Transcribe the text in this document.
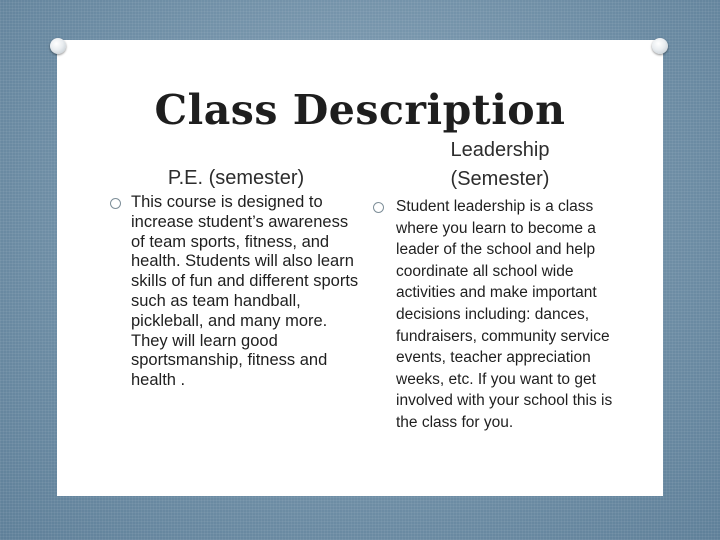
Class Description
P.E. (semester)

This course is designed to increase student’s awareness of team sports, fitness, and health. Students will also learn skills of fun and different sports such as team handball, pickleball, and many more. They will learn good sportsmanship, fitness and health .

Leadership
(Semester)

Student leadership is a class where you learn to become a leader of the school and help coordinate all school wide activities and make important decisions including: dances, fundraisers, community service events, teacher appreciation weeks, etc. If you want to get involved with your school this is the class for you.
